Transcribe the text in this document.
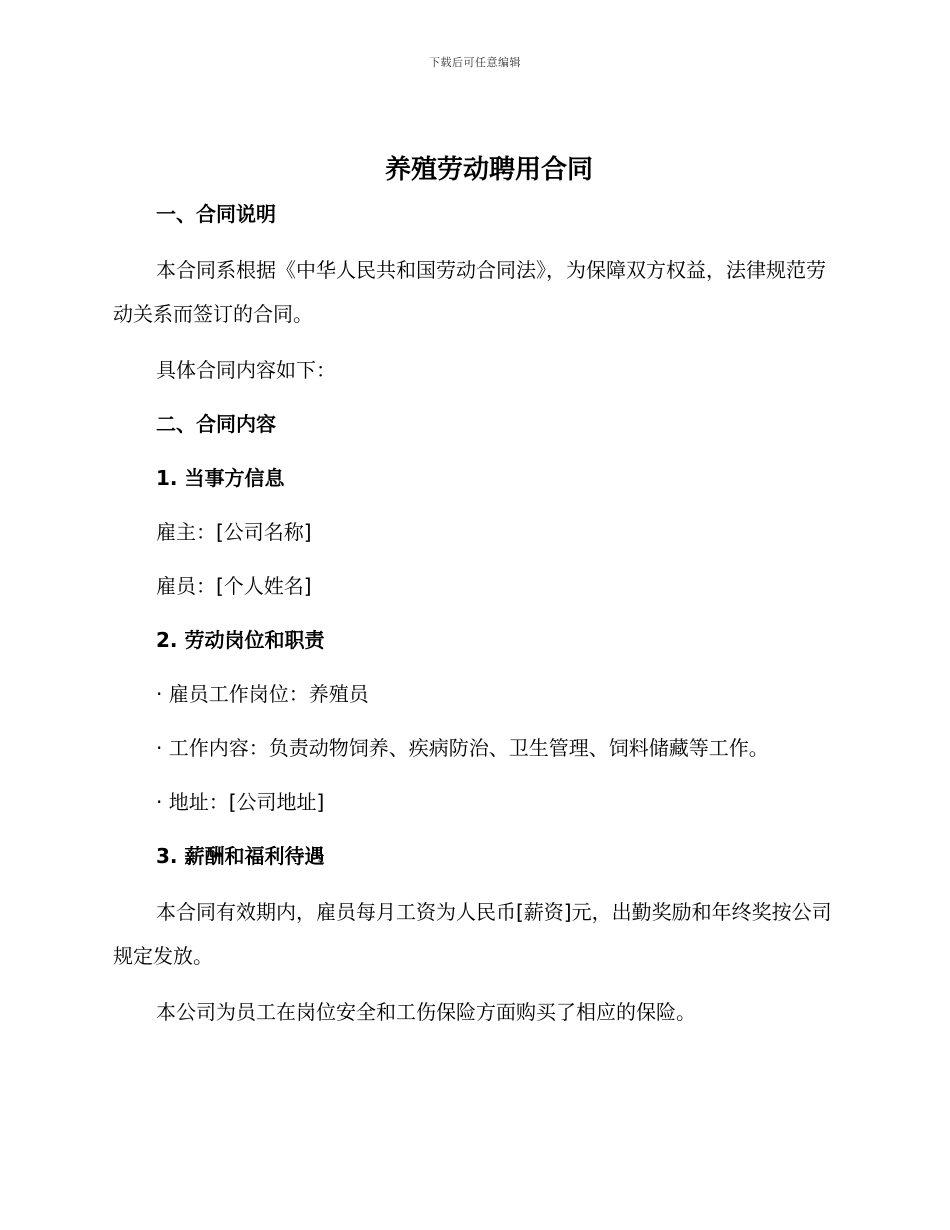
下载后可任意编辑
养殖劳动聘用合同
一、合同说明

本合同系根据《中华人民共和国劳动合同法》，为保障双方权益，法律规范劳动关系而签订的合同。

具体合同内容如下：
二、合同内容
1. 当事方信息
雇主：[公司名称]
雇员：[个人姓名]
2. 劳动岗位和职责
· 雇员工作岗位：养殖员
· 工作内容：负责动物饲养、疾病防治、卫生管理、饲料储藏等工作。
· 地址：[公司地址]
3. 薪酬和福利待遇

本合同有效期内，雇员每月工资为人民币[薪资]元，出勤奖励和年终奖按公司规定发放。

本公司为员工在岗位安全和工伤保险方面购买了相应的保险。
